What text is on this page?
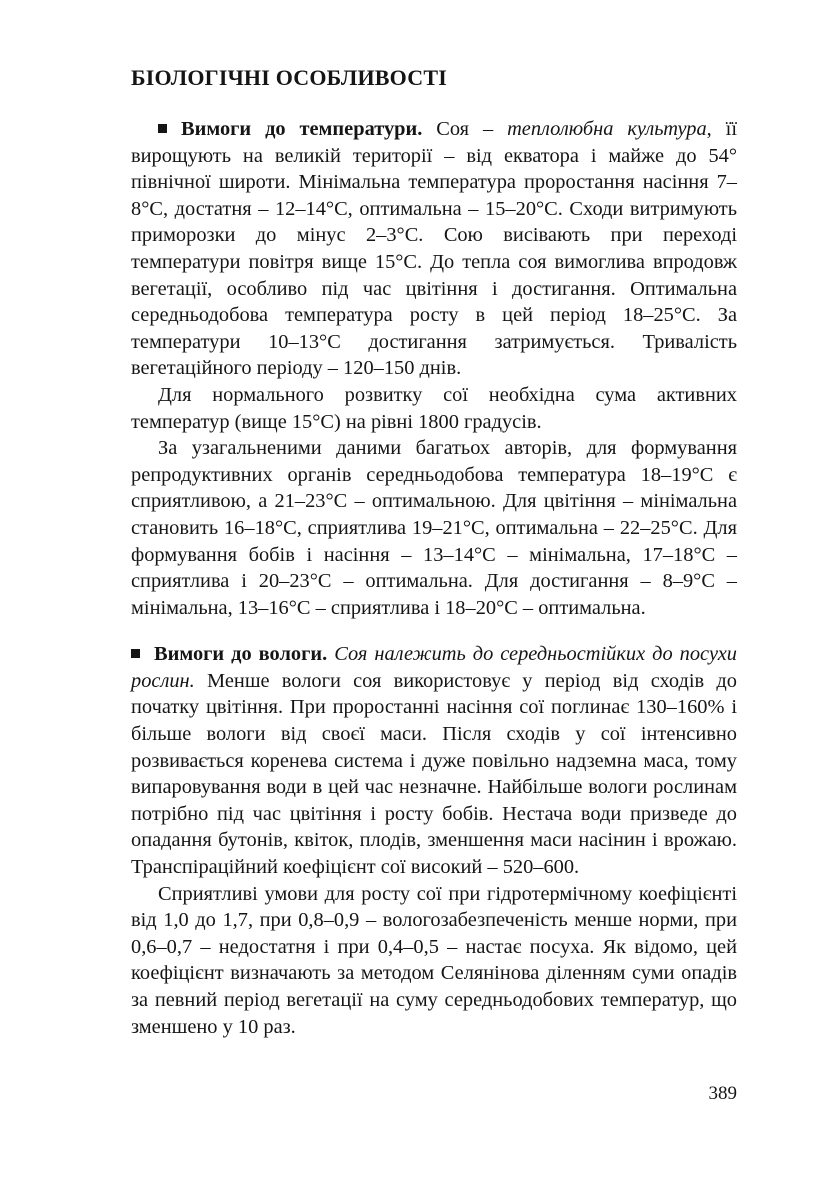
БІОЛОГІЧНІ ОСОБЛИВОСТІ

Вимоги до температури. Соя – теплолюбна культура, її вирощують на великій території – від екватора і майже до 54° північної широти. Мінімальна температура проростання насіння 7–8°С, достатня – 12–14°С, оптимальна – 15–20°С. Сходи витримують приморозки до мінус 2–3°С. Сою висівають при переході температури повітря вище 15°С. До тепла соя вимоглива впродовж вегетації, особливо під час цвітіння і достигання. Оптимальна середньодобова температура росту в цей період 18–25°С. За температури 10–13°С достигання затримується. Тривалість вегетаційного періоду – 120–150 днів.

Для нормального розвитку сої необхідна сума активних температур (вище 15°С) на рівні 1800 градусів.

За узагальненими даними багатьох авторів, для формування репродуктивних органів середньодобова температура 18–19°С є сприятливою, а 21–23°С – оптимальною. Для цвітіння – мінімальна становить 16–18°С, сприятлива 19–21°С, оптимальна – 22–25°С. Для формування бобів і насіння – 13–14°С – мінімальна, 17–18°С – сприятлива і 20–23°С – оптимальна. Для достигання – 8–9°С – мінімальна, 13–16°С – сприятлива і 18–20°С – оптимальна.

Вимоги до вологи. Соя належить до середньостійких до посухи рослин. Менше вологи соя використовує у період від сходів до початку цвітіння. При проростанні насіння сої поглинає 130–160% і більше вологи від своєї маси. Після сходів у сої інтенсивно розвивається коренева система і дуже повільно надземна маса, тому випаровування води в цей час незначне. Найбільше вологи рослинам потрібно під час цвітіння і росту бобів. Нестача води призведе до опадання бутонів, квіток, плодів, зменшення маси насінин і врожаю. Транспіраційний коефіцієнт сої високий – 520–600.

Сприятливі умови для росту сої при гідротермічному коефіцієнті від 1,0 до 1,7, при 0,8–0,9 – вологозабезпеченість менше норми, при 0,6–0,7 – недостатня і при 0,4–0,5 – настає посуха. Як відомо, цей коефіцієнт визначають за методом Селянінова діленням суми опадів за певний період вегетації на суму середньодобових температур, що зменшено у 10 раз.

389
